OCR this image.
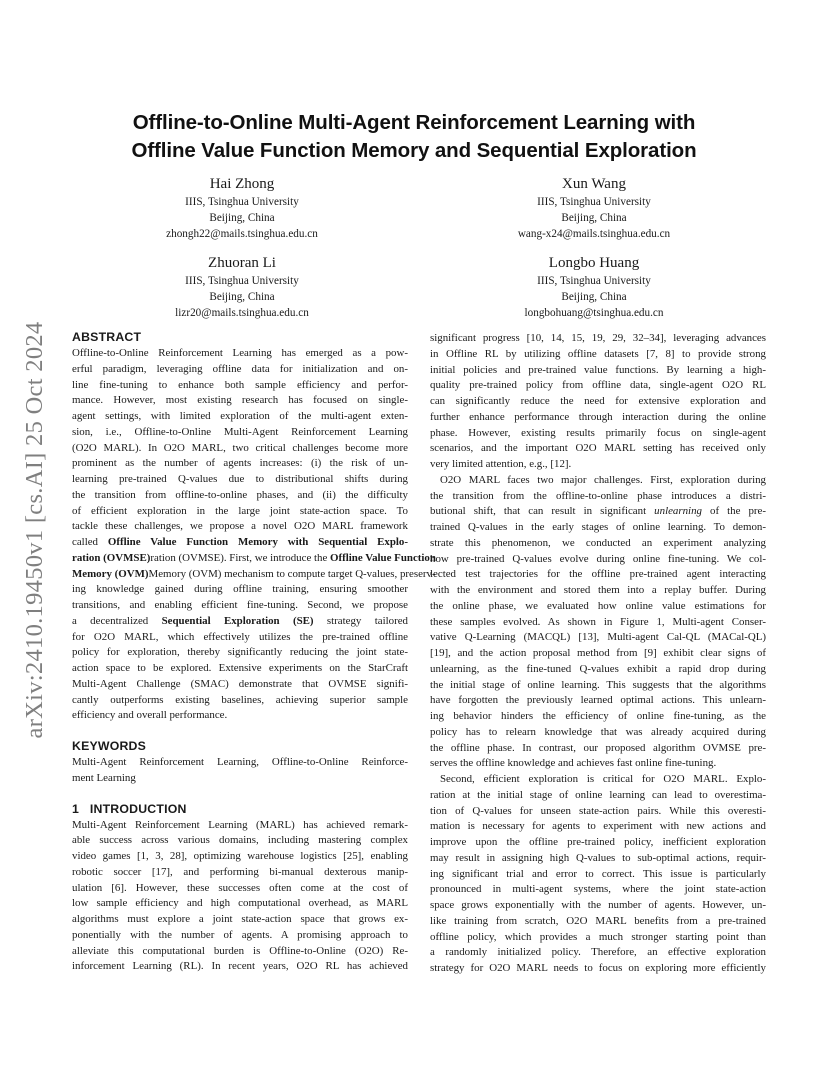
Offline-to-Online Multi-Agent Reinforcement Learning with
Offline Value Function Memory and Sequential Exploration
Hai Zhong
IIIS, Tsinghua University
Beijing, China
zhongh22@mails.tsinghua.edu.cn
Xun Wang
IIIS, Tsinghua University
Beijing, China
wang-x24@mails.tsinghua.edu.cn
Zhuoran Li
IIIS, Tsinghua University
Beijing, China
lizr20@mails.tsinghua.edu.cn
Longbo Huang
IIIS, Tsinghua University
Beijing, China
longbohuang@tsinghua.edu.cn
arXiv:2410.19450v1 [cs.AI] 25 Oct 2024 ABSTRACT
Offline-to-Online Reinforcement Learning has emerged as a pow-
erful paradigm, leveraging offline data for initialization and on-
line fine-tuning to enhance both sample efficiency and perfor-
mance. However, most existing research has focused on single-
agent settings, with limited exploration of the multi-agent exten-
sion, i.e., Offline-to-Online Multi-Agent Reinforcement Learning
(O2O MARL). In O2O MARL, two critical challenges become more
prominent as the number of agents increases: (i) the risk of un-
learning pre-trained Q-values due to distributional shifts during
the transition from offline-to-online phases, and (ii) the difficulty
of efficient exploration in the large joint state-action space. To
tackle these challenges, we propose a novel O2O MARL framework
called Offline Value Function Memory with Sequential Explo-
ration (OVMSE)ration (OVMSE). First, we introduce the Offline Value Function
Memory (OVM)Memory (OVM) mechanism to compute target Q-values, preserv-
ing knowledge gained during offline training, ensuring smoother
transitions, and enabling efficient fine-tuning. Second, we propose
a decentralized Sequential Exploration (SE) strategy tailored
for O2O MARL, which effectively utilizes the pre-trained offline
policy for exploration, thereby significantly reducing the joint state-
action space to be explored. Extensive experiments on the StarCraft
Multi-Agent Challenge (SMAC) demonstrate that OVMSE signifi-
cantly outperforms existing baselines, achieving superior sample
efficiency and overall performance.
KEYWORDS
Multi-Agent Reinforcement Learning, Offline-to-Online Reinforce-
ment Learning
1   INTRODUCTION
Multi-Agent Reinforcement Learning (MARL) has achieved remark-
able success across various domains, including mastering complex
video games [1, 3, 28], optimizing warehouse logistics [25], enabling
robotic soccer [17], and performing bi-manual dexterous manip-
ulation [6]. However, these successes often come at the cost of
low sample efficiency and high computational overhead, as MARL
algorithms must explore a joint state-action space that grows ex-
ponentially with the number of agents. A promising approach to
alleviate this computational burden is Offline-to-Online (O2O) Re-
inforcement Learning (RL). In recent years, O2O RL has achieved
significant progress [10, 14, 15, 19, 29, 32–34], leveraging advances
in Offline RL by utilizing offline datasets [7, 8] to provide strong
initial policies and pre-trained value functions. By learning a high-
quality pre-trained policy from offline data, single-agent O2O RL
can significantly reduce the need for extensive exploration and
further enhance performance through interaction during the online
phase. However, existing results primarily focus on single-agent
scenarios, and the important O2O MARL setting has received only
very limited attention, e.g., [12].
O2O MARL faces two major challenges. First, exploration during
the transition from the offline-to-online phase introduces a distri-
butional shift, that can result in significant unlearning of the pre-
trained Q-values in the early stages of online learning. To demon-
strate this phenomenon, we conducted an experiment analyzing
how pre-trained Q-values evolve during online fine-tuning. We col-
lected test trajectories for the offline pre-trained agent interacting
with the environment and stored them into a replay buffer. During
the online phase, we evaluated how online value estimations for
these samples evolved. As shown in Figure 1, Multi-agent Conser-
vative Q-Learning (MACQL) [13], Multi-agent Cal-QL (MACal-QL)
[19], and the action proposal method from [9] exhibit clear signs of
unlearning, as the fine-tuned Q-values exhibit a rapid drop during
the initial stage of online learning. This suggests that the algorithms
have forgotten the previously learned optimal actions. This unlearn-
ing behavior hinders the efficiency of online fine-tuning, as the
policy has to relearn knowledge that was already acquired during
the offline phase. In contrast, our proposed algorithm OVMSE pre-
serves the offline knowledge and achieves fast online fine-tuning.
Second, efficient exploration is critical for O2O MARL. Explo-
ration at the initial stage of online learning can lead to overestima-
tion of Q-values for unseen state-action pairs. While this overesti-
mation is necessary for agents to experiment with new actions and
improve upon the offline pre-trained policy, inefficient exploration
may result in assigning high Q-values to sub-optimal actions, requir-
ing significant trial and error to correct. This issue is particularly
pronounced in multi-agent systems, where the joint state-action
space grows exponentially with the number of agents. However, un-
like training from scratch, O2O MARL benefits from a pre-trained
offline policy, which provides a much stronger starting point than
a randomly initialized policy. Therefore, an effective exploration
strategy for O2O MARL needs to focus on exploring more efficiently
